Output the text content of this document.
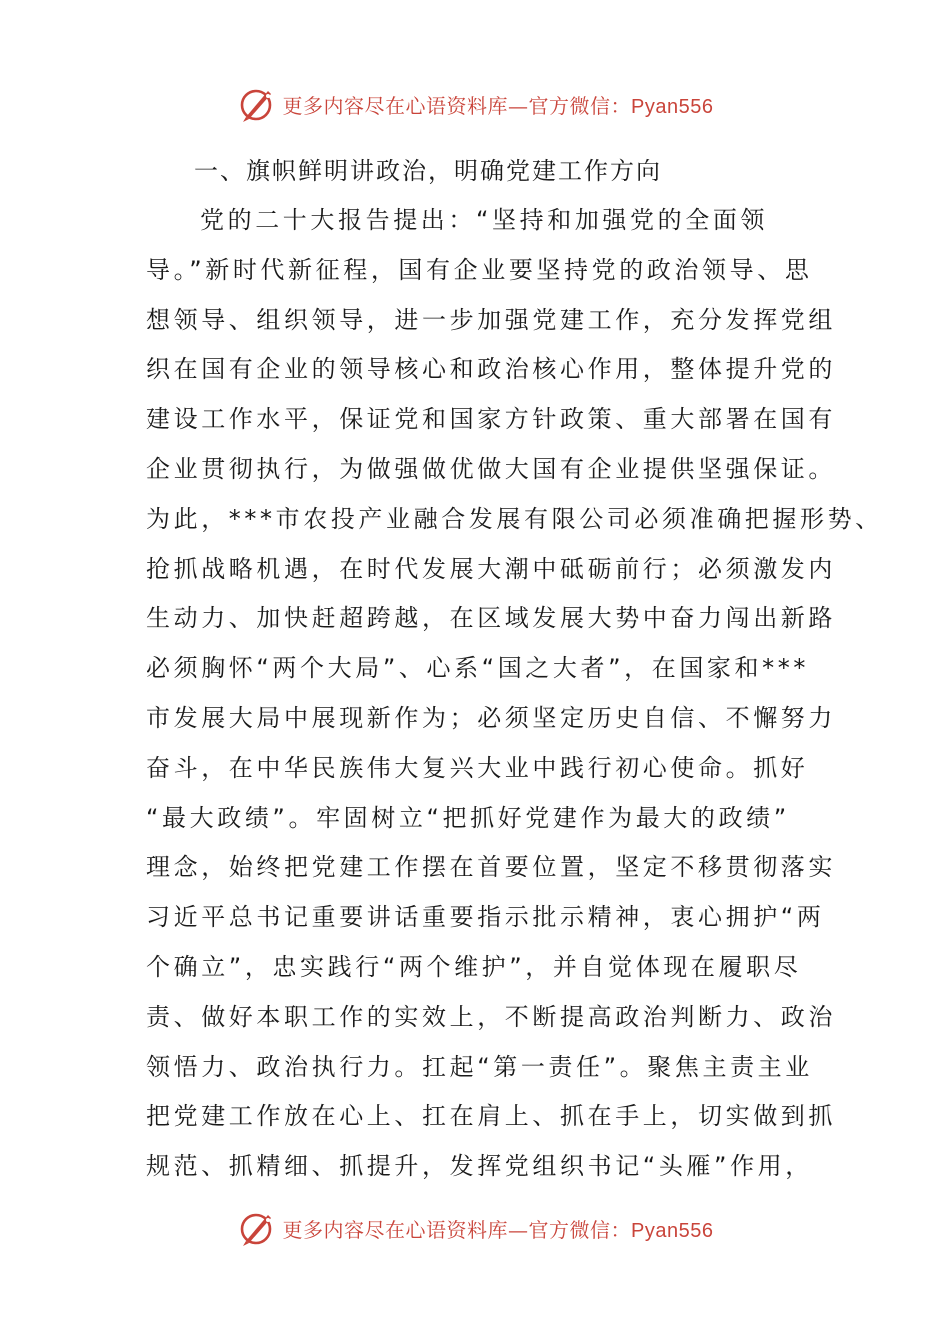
更多内容尽在心语资料库—官方微信：Pyan556
一、旗帜鲜明讲政治，明确党建工作方向
党的二十大报告提出：“坚持和加强党的全面领
导。”新时代新征程，国有企业要坚持党的政治领导、思
想领导、组织领导，进一步加强党建工作，充分发挥党组
织在国有企业的领导核心和政治核心作用，整体提升党的
建设工作水平，保证党和国家方针政策、重大部署在国有
企业贯彻执行，为做强做优做大国有企业提供坚强保证。
为此，***市农投产业融合发展有限公司必须准确把握形势、
抢抓战略机遇，在时代发展大潮中砥砺前行；必须激发内
生动力、加快赶超跨越，在区域发展大势中奋力闯出新路
必须胸怀“两个大局”、心系“国之大者”，在国家和***
市发展大局中展现新作为；必须坚定历史自信、不懈努力
奋斗，在中华民族伟大复兴大业中践行初心使命。抓好
“最大政绩”。牢固树立“把抓好党建作为最大的政绩”
理念，始终把党建工作摆在首要位置，坚定不移贯彻落实
习近平总书记重要讲话重要指示批示精神，衷心拥护“两
个确立”，忠实践行“两个维护”，并自觉体现在履职尽
责、做好本职工作的实效上，不断提高政治判断力、政治
领悟力、政治执行力。扛起“第一责任”。聚焦主责主业
把党建工作放在心上、扛在肩上、抓在手上，切实做到抓
规范、抓精细、抓提升，发挥党组织书记“头雁”作用，
更多内容尽在心语资料库—官方微信：Pyan556
